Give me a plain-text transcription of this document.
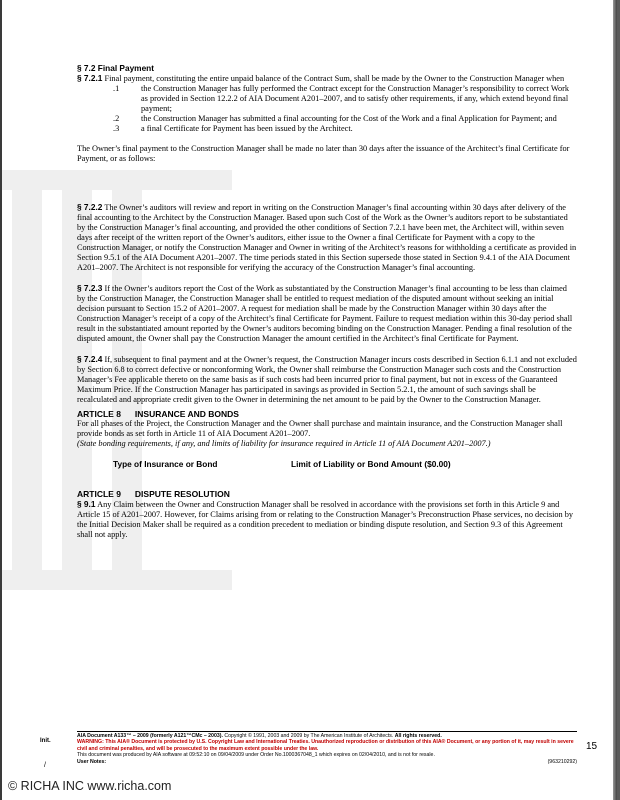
§ 7.2 Final Payment
§ 7.2.1 Final payment, constituting the entire unpaid balance of the Contract Sum, shall be made by the Owner to the Construction Manager when
.1	the Construction Manager has fully performed the Contract except for the Construction Manager’s responsibility to correct Work as provided in Section 12.2.2 of AIA Document A201–2007, and to satisfy other requirements, if any, which extend beyond final payment;
.2	the Construction Manager has submitted a final accounting for the Cost of the Work and a final Application for Payment; and
.3	a final Certificate for Payment has been issued by the Architect.
The Owner’s final payment to the Construction Manager shall be made no later than 30 days after the issuance of the Architect’s final Certificate for Payment, or as follows:
§ 7.2.2 The Owner’s auditors will review and report in writing on the Construction Manager’s final accounting within 30 days after delivery of the final accounting to the Architect by the Construction Manager. Based upon such Cost of the Work as the Owner’s auditors report to be substantiated by the Construction Manager’s final accounting, and provided the other conditions of Section 7.2.1 have been met, the Architect will, within seven days after receipt of the written report of the Owner’s auditors, either issue to the Owner a final Certificate for Payment with a copy to the Construction Manager, or notify the Construction Manager and Owner in writing of the Architect’s reasons for withholding a certificate as provided in Section 9.5.1 of the AIA Document A201–2007. The time periods stated in this Section supersede those stated in Section 9.4.1 of the AIA Document A201–2007. The Architect is not responsible for verifying the accuracy of the Construction Manager’s final accounting.
§ 7.2.3 If the Owner’s auditors report the Cost of the Work as substantiated by the Construction Manager’s final accounting to be less than claimed by the Construction Manager, the Construction Manager shall be entitled to request mediation of the disputed amount without seeking an initial decision pursuant to Section 15.2 of A201–2007. A request for mediation shall be made by the Construction Manager within 30 days after the Construction Manager’s receipt of a copy of the Architect’s final Certificate for Payment. Failure to request mediation within this 30-day period shall result in the substantiated amount reported by the Owner’s auditors becoming binding on the Construction Manager. Pending a final resolution of the disputed amount, the Owner shall pay the Construction Manager the amount certified in the Architect’s final Certificate for Payment.
§ 7.2.4 If, subsequent to final payment and at the Owner’s request, the Construction Manager incurs costs described in Section 6.1.1 and not excluded by Section 6.8 to correct defective or nonconforming Work, the Owner shall reimburse the Construction Manager such costs and the Construction Manager’s Fee applicable thereto on the same basis as if such costs had been incurred prior to final payment, but not in excess of the Guaranteed Maximum Price. If the Construction Manager has participated in savings as provided in Section 5.2.1, the amount of such savings shall be recalculated and appropriate credit given to the Owner in determining the net amount to be paid by the Owner to the Construction Manager.
ARTICLE 8 INSURANCE AND BONDS
For all phases of the Project, the Construction Manager and the Owner shall purchase and maintain insurance, and the Construction Manager shall provide bonds as set forth in Article 11 of AIA Document A201–2007.
(State bonding requirements, if any, and limits of liability for insurance required in Article 11 of AIA Document A201–2007.)
Type of Insurance or Bond	Limit of Liability or Bond Amount ($0.00)
ARTICLE 9 DISPUTE RESOLUTION
§ 9.1 Any Claim between the Owner and Construction Manager shall be resolved in accordance with the provisions set forth in this Article 9 and Article 15 of A201–2007. However, for Claims arising from or relating to the Construction Manager’s Preconstruction Phase services, no decision by the Initial Decision Maker shall be required as a condition precedent to mediation or binding dispute resolution, and Section 9.3 of this Agreement shall not apply.
Init.
/
15
AIA Document A133™ – 2009 (formerly A121™CMc – 2003). Copyright © 1991, 2003 and 2009 by The American Institute of Architects. All rights reserved.
WARNING: This AIA® Document is protected by U.S. Copyright Law and International Treaties. Unauthorized reproduction or distribution of this AIA® Document, or any portion of it, may result in severe civil and criminal penalties, and will be prosecuted to the maximum extent possible under the law.
This document was produced by AIA software at 09:52:10 on 09/04/2009 under Order No.1000367048_1 which expires on 02/04/2010, and is not for resale.
User Notes:	(963210292)
© RICHA INC www.richa.com
